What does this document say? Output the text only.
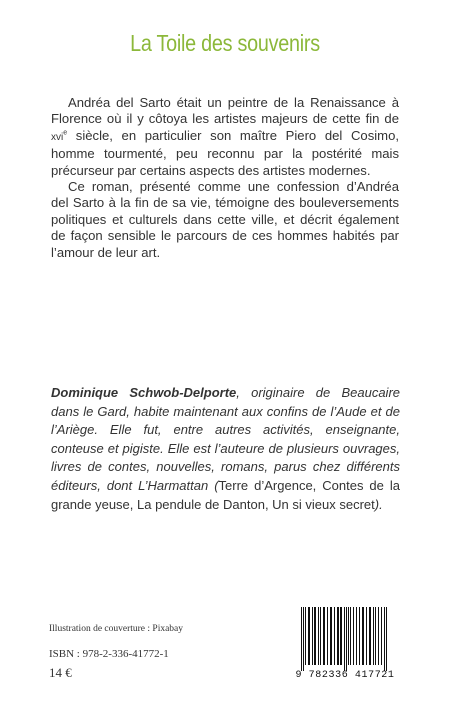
La Toile des souvenirs

Andréa del Sarto était un peintre de la Renaissance à Florence où il y côtoya les artistes majeurs de cette fin de xvi$^e$ siècle, en particulier son maître Piero del Cosimo, homme tourmenté, peu reconnu par la postérité mais précurseur par certains aspects des artistes modernes.

Ce roman, présenté comme une confession d’Andréa del Sarto à la fin de sa vie, témoigne des bouleversements politiques et culturels dans cette ville, et décrit également de façon sensible le parcours de ces hommes habités par l’amour de leur art.

Dominique Schwob-Delporte, originaire de Beaucaire dans le Gard, habite maintenant aux confins de l’Aude et de l’Ariège. Elle fut, entre autres activités, enseignante, conteuse et pigiste. Elle est l’auteure de plusieurs ouvrages, livres de contes, nouvelles, romans, parus chez différents éditeurs, dont L’Harmattan (Terre d’Argence, Contes de la grande yeuse, La pendule de Danton, Un si vieux secret).
Illustration de couverture : Pixabay
ISBN : 978-2-336-41772-1
14 €	9 782336 417721
